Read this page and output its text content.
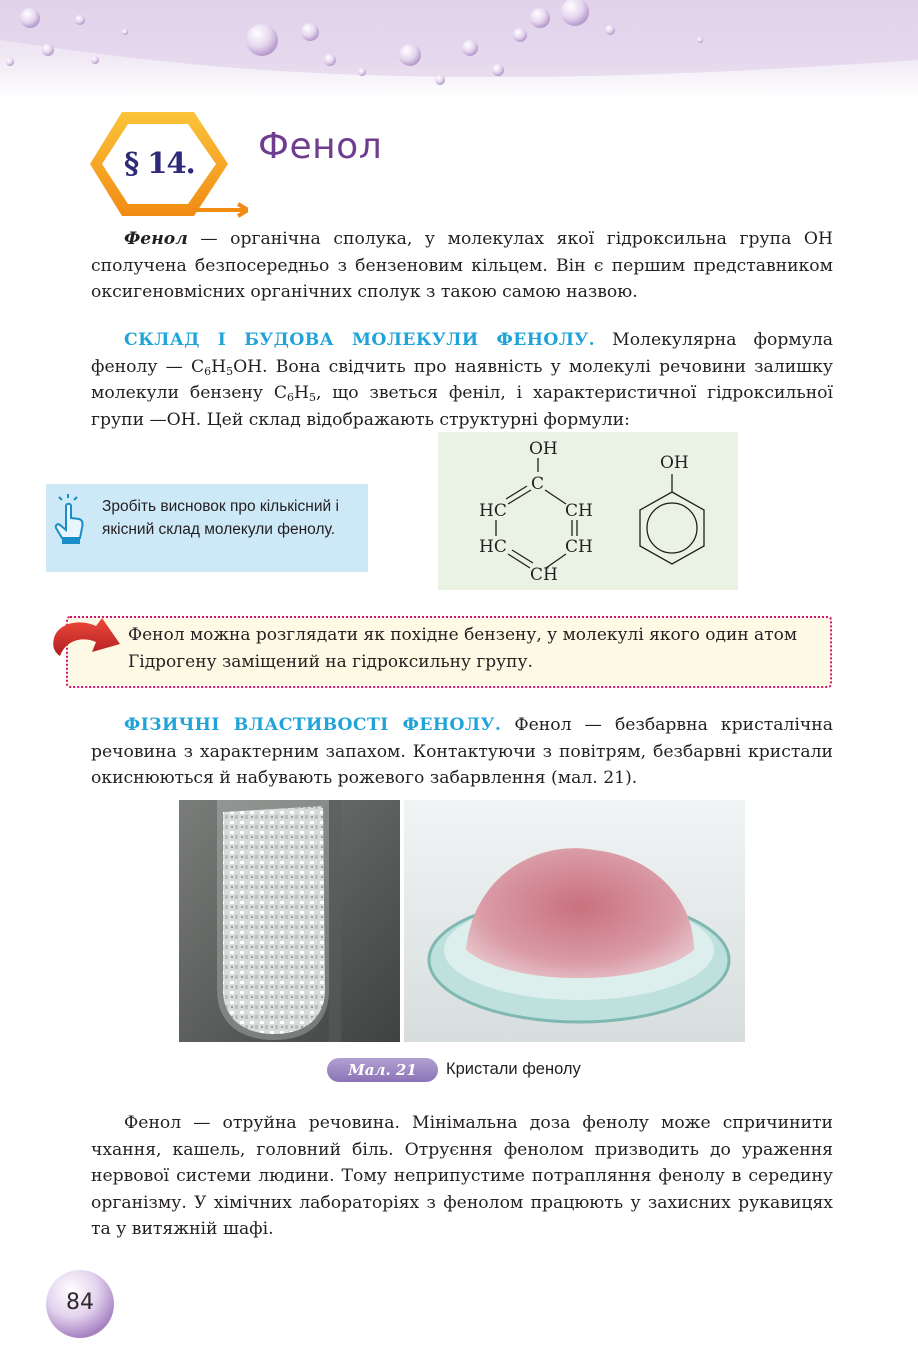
§ 14. Фенол

Фенол — органічна сполука, у молекулах якої гідроксильна група ОН сполучена безпосередньо з бензеновим кільцем. Він є першим представником оксигеновмісних органічних сполук з такою самою назвою.

СКЛАД І БУДОВА МОЛЕКУЛИ ФЕНОЛУ. Молекулярна формула фенолу — $C_6H_5OH$. Вона свідчить про наявність у молекулі речовини залишку молекули бензену $C_6H_5$, що зветься феніл, і характеристичної гідроксильної групи —OH. Цей склад відображають структурні формули:

Зробіть висновок про кількісний і якісний склад молекули фенолу.
OH
C
HC	CH
HC	CH
CH
OH

Фенол можна розглядати як похідне бензену, у молекулі якого один атом Гідрогену заміщений на гідроксильну групу.

ФІЗИЧНІ ВЛАСТИВОСТІ ФЕНОЛУ. Фенол — безбарвна кристалічна речовина з характерним запахом. Контактуючи з повітрям, безбарвні кристали окиснюються й набувають рожевого забарвлення (мал. 21).

Мал. 21	Кристали фенолу

Фенол — отруйна речовина. Мінімальна доза фенолу може спричинити чхання, кашель, головний біль. Отруєння фенолом призводить до ураження нервової системи людини. Тому неприпустиме потрапляння фенолу в середину організму. У хімічних лабораторіях з фенолом працюють у захисних рукавицях та у витяжній шафі.

84
